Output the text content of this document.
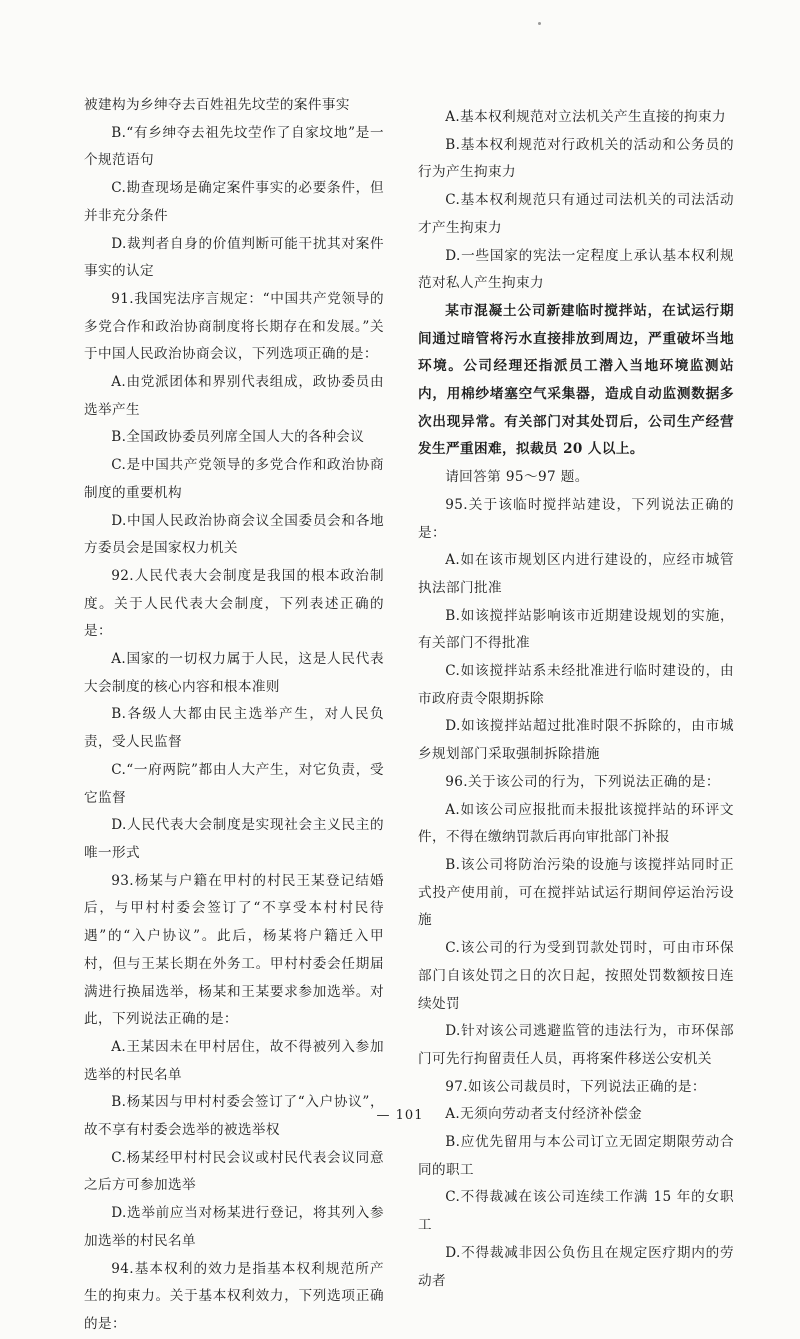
被建构为乡绅夺去百姓祖先坟茔的案件事实

B.“有乡绅夺去祖先坟茔作了自家坟地”是一个规范语句

C.勘查现场是确定案件事实的必要条件，但并非充分条件

D.裁判者自身的价值判断可能干扰其对案件事实的认定

91.我国宪法序言规定：“中国共产党领导的多党合作和政治协商制度将长期存在和发展。”关于中国人民政治协商会议，下列选项正确的是：

A.由党派团体和界别代表组成，政协委员由选举产生

B.全国政协委员列席全国人大的各种会议

C.是中国共产党领导的多党合作和政治协商制度的重要机构

D.中国人民政治协商会议全国委员会和各地方委员会是国家权力机关

92.人民代表大会制度是我国的根本政治制度。关于人民代表大会制度，下列表述正确的是：

A.国家的一切权力属于人民，这是人民代表大会制度的核心内容和根本准则

B.各级人大都由民主选举产生，对人民负责，受人民监督

C.“一府两院”都由人大产生，对它负责，受它监督

D.人民代表大会制度是实现社会主义民主的唯一形式

93.杨某与户籍在甲村的村民王某登记结婚后，与甲村村委会签订了“不享受本村村民待遇”的“入户协议”。此后，杨某将户籍迁入甲村，但与王某长期在外务工。甲村村委会任期届满进行换届选举，杨某和王某要求参加选举。对此，下列说法正确的是：

A.王某因未在甲村居住，故不得被列入参加选举的村民名单

B.杨某因与甲村村委会签订了“入户协议”，故不享有村委会选举的被选举权

C.杨某经甲村村民会议或村民代表会议同意之后方可参加选举

D.选举前应当对杨某进行登记，将其列入参加选举的村民名单

94.基本权利的效力是指基本权利规范所产生的拘束力。关于基本权利效力，下列选项正确的是：

A.基本权利规范对立法机关产生直接的拘束力

B.基本权利规范对行政机关的活动和公务员的行为产生拘束力

C.基本权利规范只有通过司法机关的司法活动才产生拘束力

D.一些国家的宪法一定程度上承认基本权利规范对私人产生拘束力

某市混凝土公司新建临时搅拌站，在试运行期间通过暗管将污水直接排放到周边，严重破坏当地环境。公司经理还指派员工潜入当地环境监测站内，用棉纱堵塞空气采集器，造成自动监测数据多次出现异常。有关部门对其处罚后，公司生产经营发生严重困难，拟裁员 20 人以上。

请回答第 95～97 题。

95.关于该临时搅拌站建设，下列说法正确的是：

A.如在该市规划区内进行建设的，应经市城管执法部门批准

B.如该搅拌站影响该市近期建设规划的实施，有关部门不得批准

C.如该搅拌站系未经批准进行临时建设的，由市政府责令限期拆除

D.如该搅拌站超过批准时限不拆除的，由市城乡规划部门采取强制拆除措施

96.关于该公司的行为，下列说法正确的是：

A.如该公司应报批而未报批该搅拌站的环评文件，不得在缴纳罚款后再向审批部门补报

B.该公司将防治污染的设施与该搅拌站同时正式投产使用前，可在搅拌站试运行期间停运治污设施

C.该公司的行为受到罚款处罚时，可由市环保部门自该处罚之日的次日起，按照处罚数额按日连续处罚

D.针对该公司逃避监管的违法行为，市环保部门可先行拘留责任人员，再将案件移送公安机关

97.如该公司裁员时，下列说法正确的是：

A.无须向劳动者支付经济补偿金

B.应优先留用与本公司订立无固定期限劳动合同的职工

C.不得裁减在该公司连续工作满 15 年的女职工

D.不得裁减非因公负伤且在规定医疗期内的劳动者

— 101
